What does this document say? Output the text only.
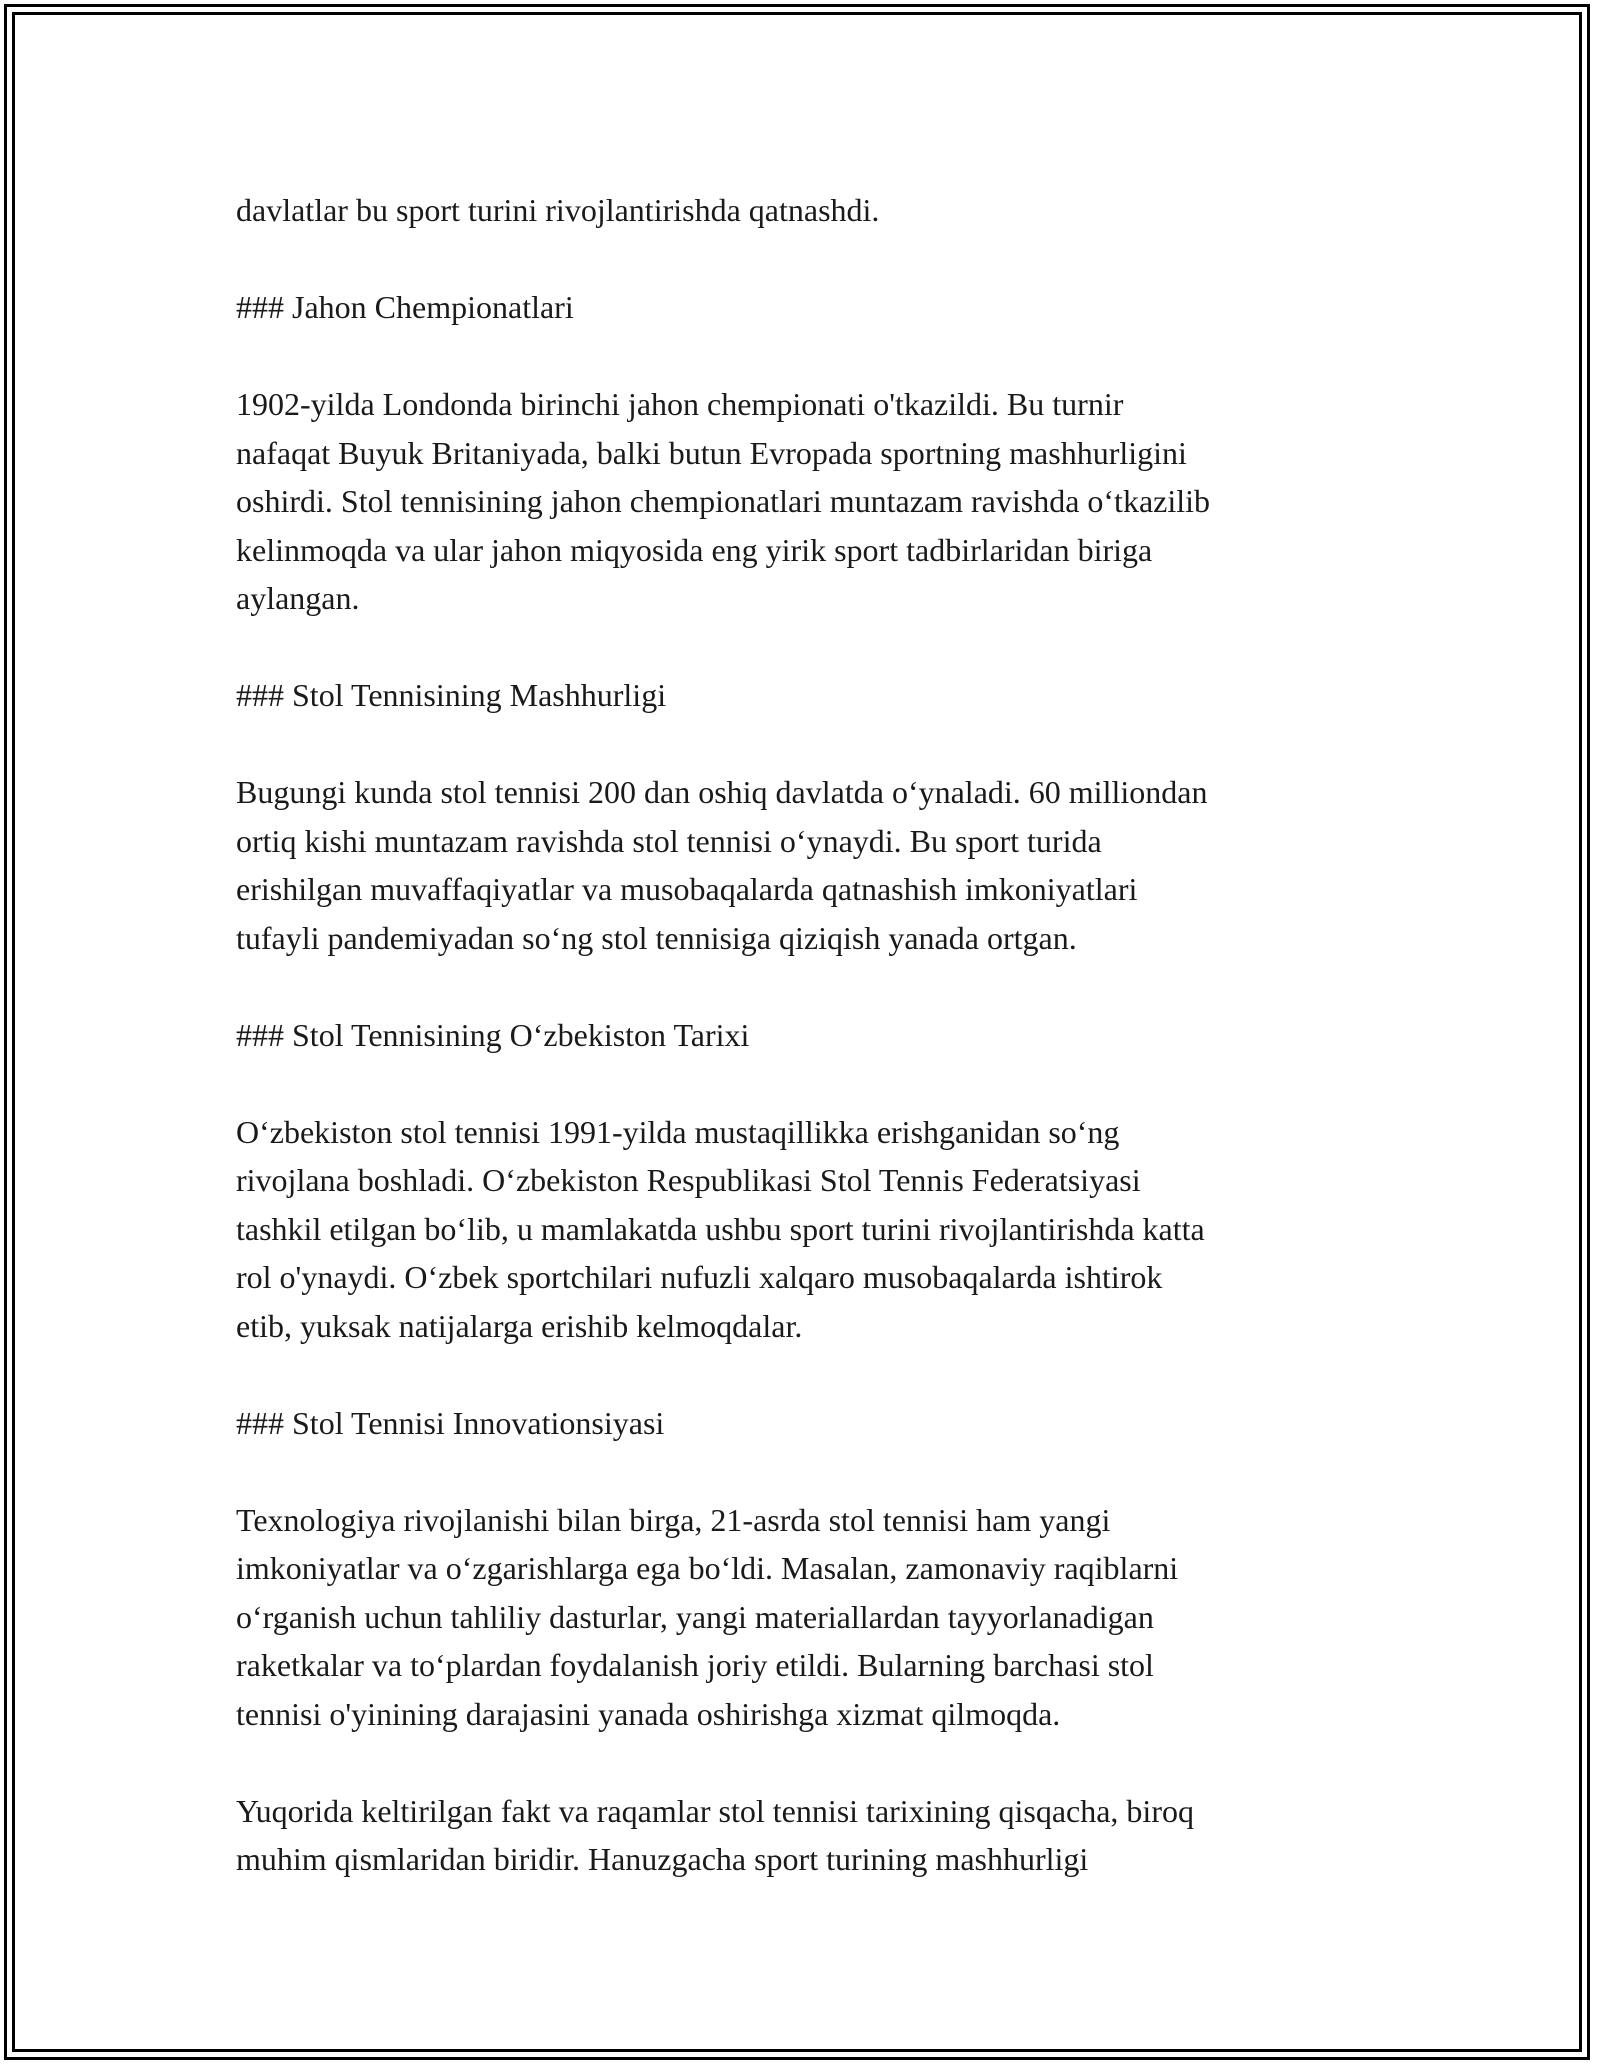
davlatlar bu sport turini rivojlantirishda qatnashdi.

### Jahon Chempionatlari

1902-yilda Londonda birinchi jahon chempionati o'tkazildi. Bu turnir
nafaqat Buyuk Britaniyada, balki butun Evropada sportning mashhurligini
oshirdi. Stol tennisining jahon chempionatlari muntazam ravishda o‘tkazilib
kelinmoqda va ular jahon miqyosida eng yirik sport tadbirlaridan biriga
aylangan.

### Stol Tennisining Mashhurligi

Bugungi kunda stol tennisi 200 dan oshiq davlatda o‘ynaladi. 60 milliondan
ortiq kishi muntazam ravishda stol tennisi o‘ynaydi. Bu sport turida
erishilgan muvaffaqiyatlar va musobaqalarda qatnashish imkoniyatlari
tufayli pandemiyadan so‘ng stol tennisiga qiziqish yanada ortgan.

### Stol Tennisining O‘zbekiston Tarixi

O‘zbekiston stol tennisi 1991-yilda mustaqillikka erishganidan so‘ng
rivojlana boshladi. O‘zbekiston Respublikasi Stol Tennis Federatsiyasi
tashkil etilgan bo‘lib, u mamlakatda ushbu sport turini rivojlantirishda katta
rol o'ynaydi. O‘zbek sportchilari nufuzli xalqaro musobaqalarda ishtirok
etib, yuksak natijalarga erishib kelmoqdalar.

### Stol Tennisi Innovationsiyasi

Texnologiya rivojlanishi bilan birga, 21-asrda stol tennisi ham yangi
imkoniyatlar va o‘zgarishlarga ega bo‘ldi. Masalan, zamonaviy raqiblarni
o‘rganish uchun tahliliy dasturlar, yangi materiallardan tayyorlanadigan
raketkalar va to‘plardan foydalanish joriy etildi. Bularning barchasi stol
tennisi o'yinining darajasini yanada oshirishga xizmat qilmoqda.

Yuqorida keltirilgan fakt va raqamlar stol tennisi tarixining qisqacha, biroq
muhim qismlaridan biridir. Hanuzgacha sport turining mashhurligi
